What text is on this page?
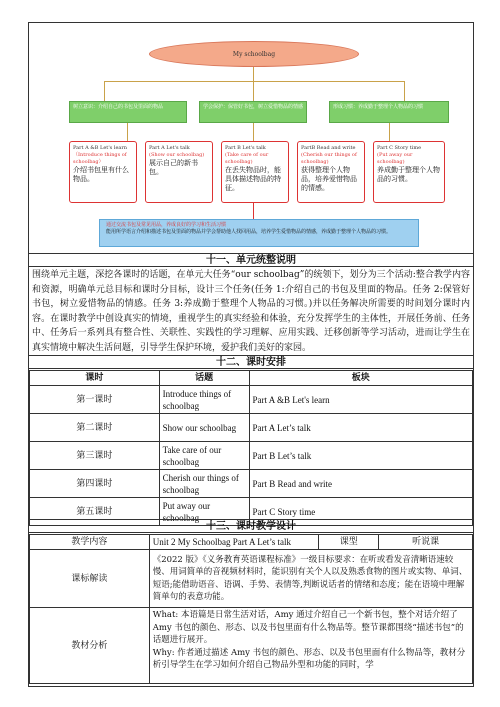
My schoolbag
树立意识：介绍自己的书包及里面的物品	学会保护：保管好书包，树立爱惜物品的情感	形成习惯：养成勤于整理个人物品的习惯
Part A &B Let's learn
（Introduce things of schoolbag）
介绍书包里有什么物品。
Part A Let's talk
(Show our schoolbag)
展示自己的新书包。
Part B Let's talk
(Take care of our schoolbag)
在丢失物品时，能具体描述物品的特征。
PartB Read and write
(Cherish our things of schoolbag)
获得整理个人物品，培养爱惜物品的情感。
Part C Story time
(Put away our schoolbag)
养成勤于整理个人物品的习惯。
通过交流书包及常见用品，养成良好的学习和生活习惯
能用所学语言介绍和描述书包及里面的物品并学会帮助他人找回用品，培养学生爱惜物品的情感，养成勤于整理个人物品的习惯。
十一、单元统整说明
围绕单元主题，深挖各课时的话题，在单元大任务“our schoolbag”的统领下，划分为三个活动:整合教学内容和资源，明确单元总目标和课时分目标，设计三个任务(任务 1:介绍自己的书包及里面的物品。任务 2:保管好书包，树立爱惜物品的情感。任务 3:养成勤于整理个人物品的习惯。)并以任务解决所需要的时间划分课时内容。在课时教学中创设真实的情境，重视学生的真实经验和体验，充分发挥学生的主体性，开展任务前、任务中、任务后一系列具有整合性、关联性、实践性的学习理解、应用实践、迁移创新等学习活动，进而让学生在真实情境中解决生活问题，引导学生保护环境，爱护我们美好的家园。
十二、课时安排
课时	话题	板块
第一课时	Introduce things of schoolbag	Part A &B Let's learn
第二课时	Show our schoolbag	Part A Let’s talk
第三课时	Take care of our schoolbag	Part B Let’s talk
第四课时	Cherish our things of schoolbag	Part B Read and write
第五课时	Put away our schoolbag	Part C Story time
十三、课时教学设计
教学内容	Unit 2 My Schoolbag Part A Let’s talk	课型	听说课
课标解读	《2022 版》《义务教育英语课程标准》一级目标要求：在听或看发音清晰语速较慢、用词简单的音视频材料时，能识别有关个人以及熟悉食物的图片或实物、单词、短语;能借助语音、语调、手势、表情等,判断说话者的情绪和态度；能在语境中理解简单句的表意功能。		
教材分析	What: 本语篇是日常生活对话，Amy 通过介绍自己一个新书包，整个对话介绍了 Amy 书包的颜色、形态、以及书包里面有什么物品等。整节课都围绕“描述书包”的话题进行展开。
Why: 作者通过描述 Amy 书包的颜色、形态、以及书包里面有什么物品等，教材分析引导学生在学习如何介绍自己物品外型和功能的同时，学		
